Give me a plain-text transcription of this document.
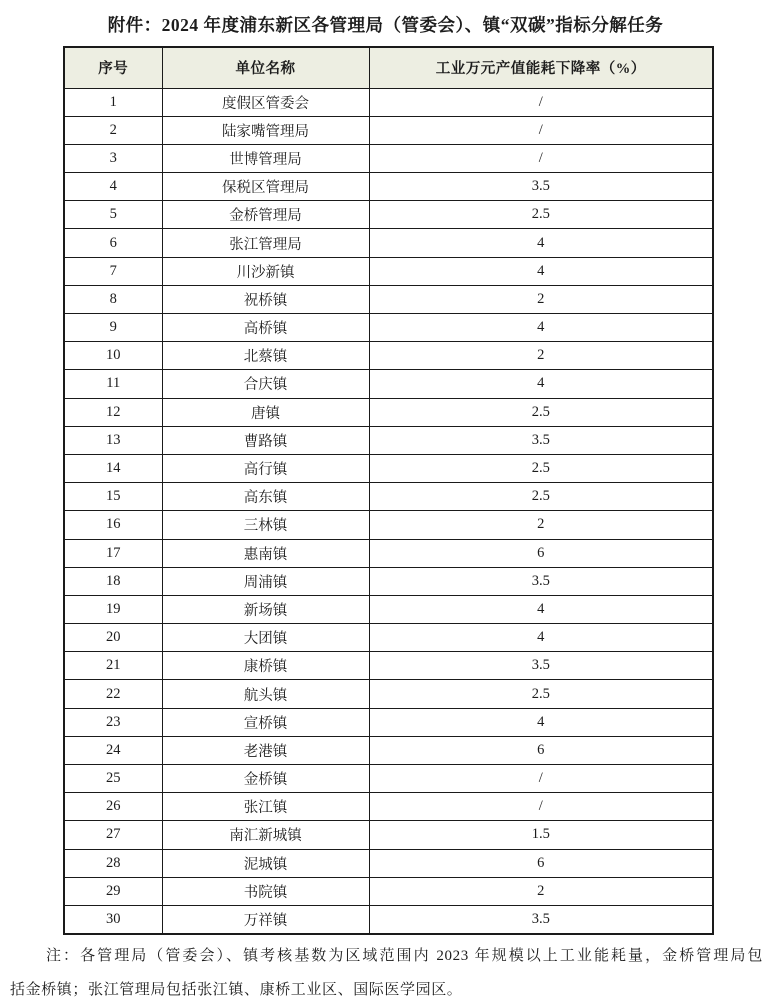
附件：2024 年度浦东新区各管理局（管委会）、镇“双碳”指标分解任务
序号	单位名称	工业万元产值能耗下降率（%）
1	度假区管委会	/
2	陆家嘴管理局	/
3	世博管理局	/
4	保税区管理局	3.5
5	金桥管理局	2.5
6	张江管理局	4
7	川沙新镇	4
8	祝桥镇	2
9	高桥镇	4
10	北蔡镇	2
11	合庆镇	4
12	唐镇	2.5
13	曹路镇	3.5
14	高行镇	2.5
15	高东镇	2.5
16	三林镇	2
17	惠南镇	6
18	周浦镇	3.5
19	新场镇	4
20	大团镇	4
21	康桥镇	3.5
22	航头镇	2.5
23	宣桥镇	4
24	老港镇	6
25	金桥镇	/
26	张江镇	/
27	南汇新城镇	1.5
28	泥城镇	6
29	书院镇	2
30	万祥镇	3.5
注：各管理局（管委会）、镇考核基数为区域范围内 2023 年规模以上工业能耗量，金桥管理局包
括金桥镇；张江管理局包括张江镇、康桥工业区、国际医学园区。
